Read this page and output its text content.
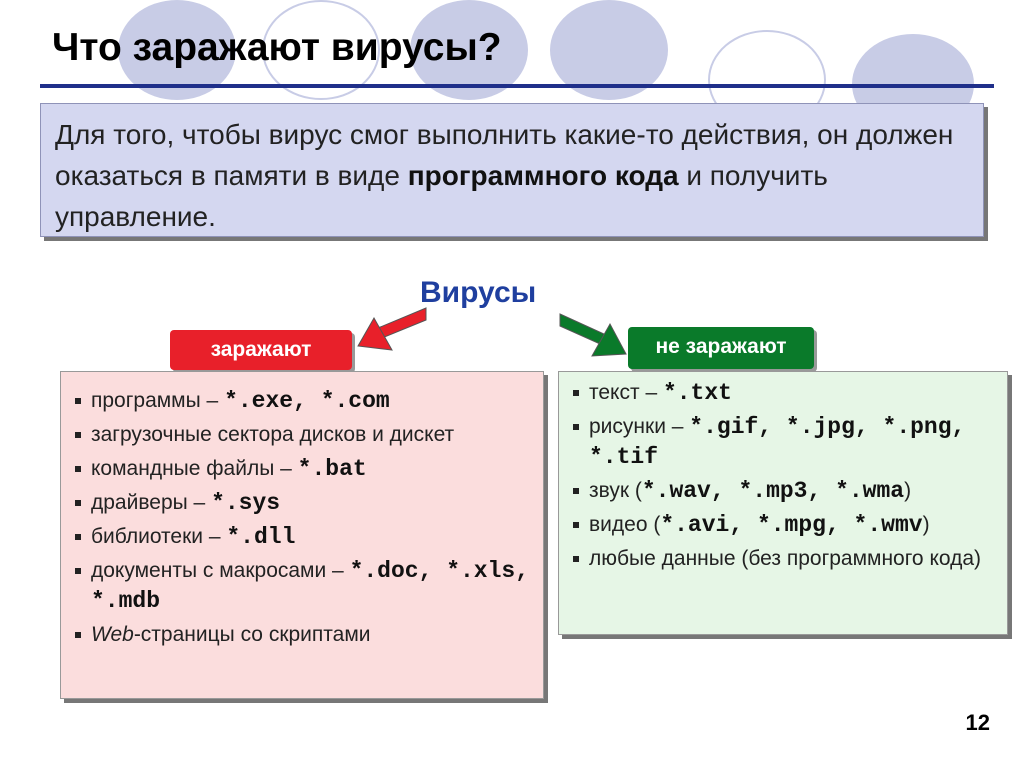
Что заражают вирусы?
Для того, чтобы вирус смог выполнить какие-то действия, он должен оказаться в памяти в виде программного кода и получить управление.
Вирусы
заражают	не заражают
программы – *.exe, *.com
загрузочные сектора дисков и дискет
командные файлы – *.bat
драйверы – *.sys
библиотеки – *.dll
документы с макросами – *.doc, *.xls, *.mdb
Web-страницы со скриптами
текст – *.txt
рисунки – *.gif, *.jpg, *.png, *.tif
звук (*.wav, *.mp3, *.wma)
видео (*.avi, *.mpg, *.wmv)
любые данные (без программного кода)
12
